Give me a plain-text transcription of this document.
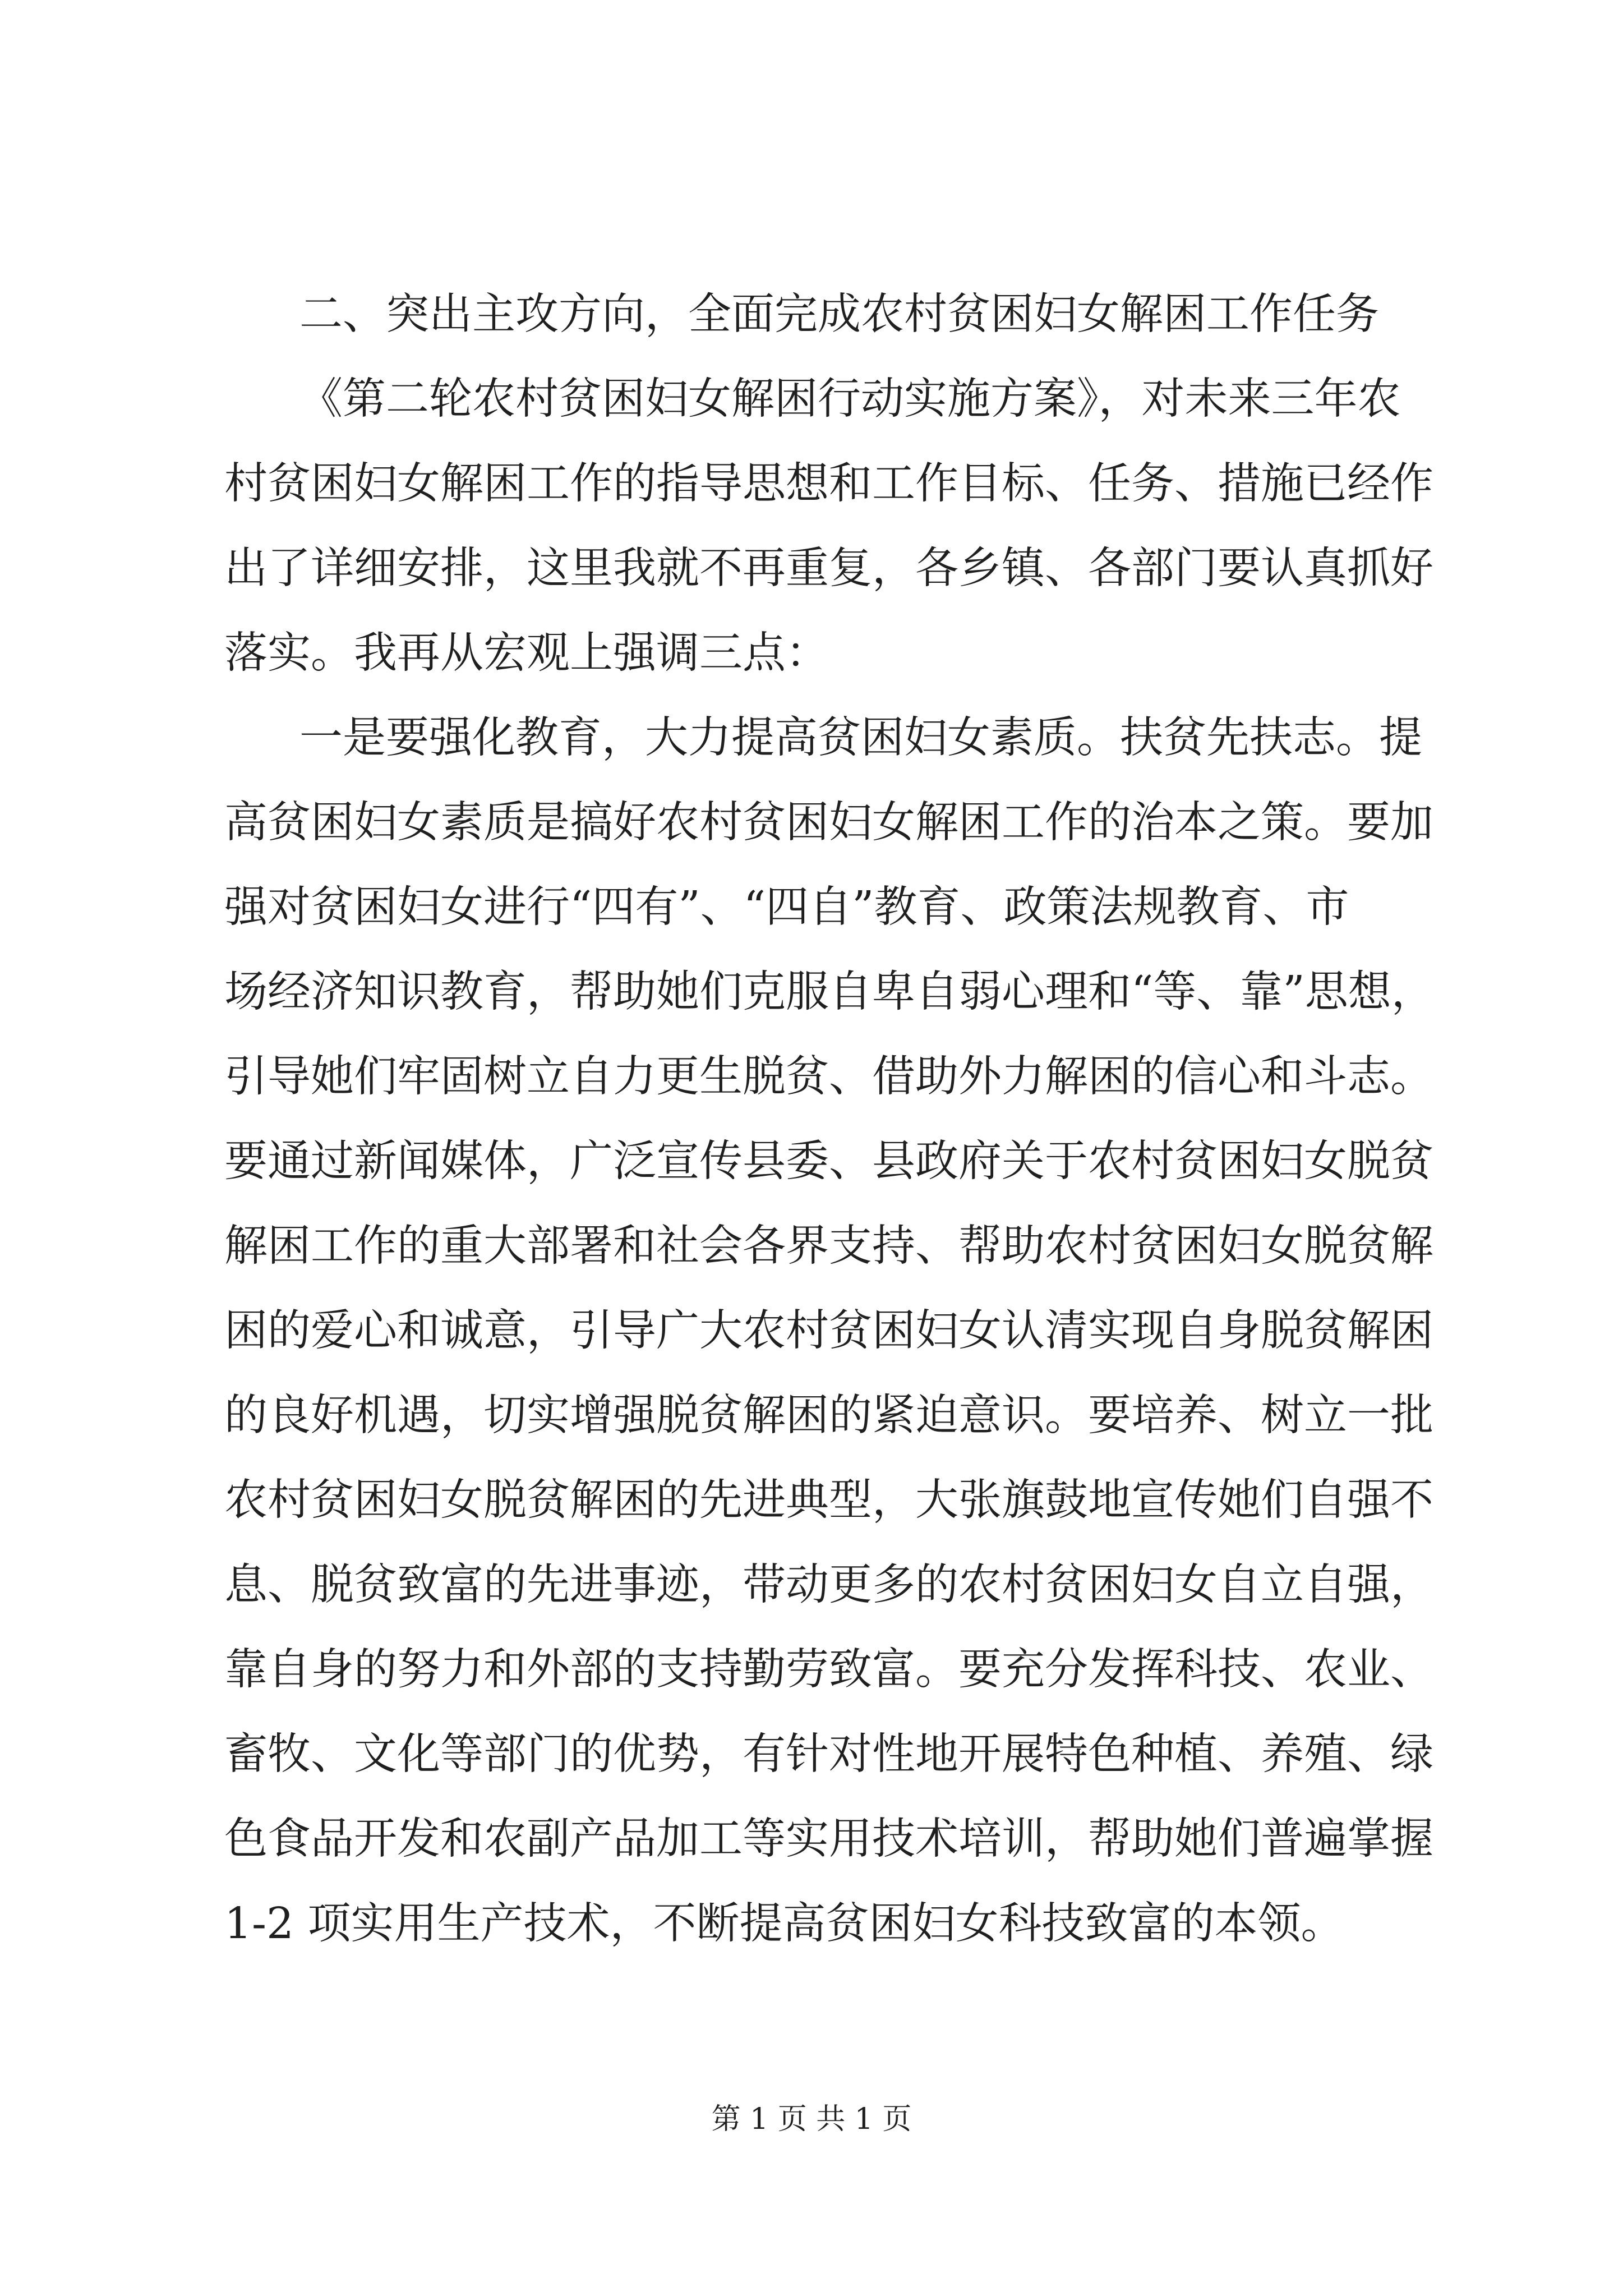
二、突出主攻方向，全面完成农村贫困妇女解困工作任务
《第二轮农村贫困妇女解困行动实施方案》，对未来三年农
村贫困妇女解困工作的指导思想和工作目标、任务、措施已经作
出了详细安排，这里我就不再重复，各乡镇、各部门要认真抓好
落实。我再从宏观上强调三点：
一是要强化教育，大力提高贫困妇女素质。扶贫先扶志。提
高贫困妇女素质是搞好农村贫困妇女解困工作的治本之策。要加
强对贫困妇女进行“四有”、“四自”教育、政策法规教育、市
场经济知识教育，帮助她们克服自卑自弱心理和“等、靠”思想，
引导她们牢固树立自力更生脱贫、借助外力解困的信心和斗志。
要通过新闻媒体，广泛宣传县委、县政府关于农村贫困妇女脱贫
解困工作的重大部署和社会各界支持、帮助农村贫困妇女脱贫解
困的爱心和诚意，引导广大农村贫困妇女认清实现自身脱贫解困
的良好机遇，切实增强脱贫解困的紧迫意识。要培养、树立一批
农村贫困妇女脱贫解困的先进典型，大张旗鼓地宣传她们自强不
息、脱贫致富的先进事迹，带动更多的农村贫困妇女自立自强，
靠自身的努力和外部的支持勤劳致富。要充分发挥科技、农业、
畜牧、文化等部门的优势，有针对性地开展特色种植、养殖、绿
色食品开发和农副产品加工等实用技术培训，帮助她们普遍掌握
1-2 项实用生产技术，不断提高贫困妇女科技致富的本领。
第 1 页 共 1 页
